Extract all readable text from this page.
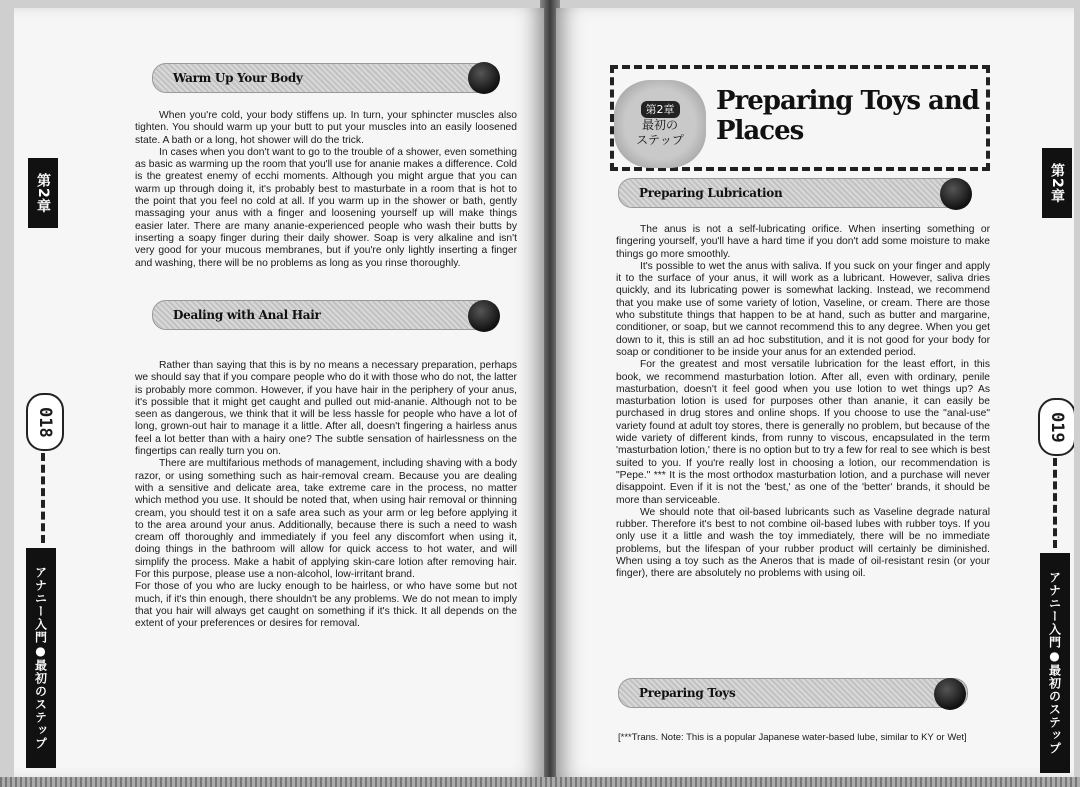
第2章
018
アナニー入門●最初のステップ
Warm Up Your Body

When you're cold, your body stiffens up. In turn, your sphincter muscles also tighten. You should warm up your butt to put your muscles into an easily loosened state. A bath or a long, hot shower will do the trick.

In cases when you don't want to go to the trouble of a shower, even something as basic as warming up the room that you'll use for ananie makes a difference. Cold is the greatest enemy of ecchi moments. Although you might argue that you can warm up through doing it, it's probably best to masturbate in a room that is hot to the point that you feel no cold at all. If you warm up in the shower or bath, gently massaging your anus with a finger and loosening yourself up will make things easier later. There are many ananie-experienced people who wash their butts by inserting a soapy finger during their daily shower. Soap is very alkaline and isn't very good for your mucous membranes, but if you're only lightly inserting a finger and washing, there will be no problems as long as you rinse thoroughly.

Dealing with Anal Hair

Rather than saying that this is by no means a necessary preparation, perhaps we should say that if you compare people who do it with those who do not, the latter is probably more common. However, if you have hair in the periphery of your anus, it's possible that it might get caught and pulled out mid-ananie. Although not to be seen as dangerous, we think that it will be less hassle for people who have a lot of long, grown-out hair to manage it a little. After all, doesn't fingering a hairless anus feel a lot better than with a hairy one? The subtle sensation of hairlessness on the fingertips can really turn you on.

There are multifarious methods of management, including shaving with a body razor, or using something such as hair-removal cream. Because you are dealing with a sensitive and delicate area, take extreme care in the process, no matter which method you use. It should be noted that, when using hair removal or thinning cream, you should test it on a safe area such as your arm or leg before applying it to the area around your anus. Additionally, because there is such a need to wash cream off thoroughly and immediately if you feel any discomfort when using it, doing things in the bathroom will allow for quick access to hot water, and will simplify the process. Make a habit of applying skin-care lotion after removing hair. For this purpose, please use a non-alcohol, low-irritant brand.

For those of you who are lucky enough to be hairless, or who have some but not much, if it's thin enough, there shouldn't be any problems. We do not mean to imply that you hair will always get caught on something if it's thick. It all depends on the extent of your preferences or desires for removal.

第2章
最初の
ステップ
Preparing Toys and Places
Preparing Lubrication

The anus is not a self-lubricating orifice. When inserting something or fingering yourself, you'll have a hard time if you don't add some moisture to make things go more smoothly.

It's possible to wet the anus with saliva. If you suck on your finger and apply it to the surface of your anus, it will work as a lubricant. However, saliva dries quickly, and its lubricating power is somewhat lacking. Instead, we recommend that you make use of some variety of lotion, Vaseline, or cream. There are those who substitute things that happen to be at hand, such as butter and margarine, conditioner, or soap, but we cannot recommend this to any degree. When you get down to it, this is still an ad hoc substitution, and it is not good for your body for soap or conditioner to be inside your anus for an extended period.

For the greatest and most versatile lubrication for the least effort, in this book, we recommend masturbation lotion. After all, even with ordinary, penile masturbation, doesn't it feel good when you use lotion to wet things up? As masturbation lotion is used for purposes other than ananie, it can easily be purchased in drug stores and online shops. If you choose to use the "anal-use" variety found at adult toy stores, there is generally no problem, but because of the wide variety of different kinds, from runny to viscous, encapsulated in the term 'masturbation lotion,' there is no option but to try a few for real to see which is best suited to you. If you're really lost in choosing a lotion, our recommendation is "Pepe." *** It is the most orthodox masturbation lotion, and a purchase will never disappoint. Even if it is not the 'best,' as one of the 'better' brands, it should be more than serviceable.

We should note that oil-based lubricants such as Vaseline degrade natural rubber. Therefore it's best to not combine oil-based lubes with rubber toys. If you only use it a little and wash the toy immediately, there will be no immediate problems, but the lifespan of your rubber product will certainly be diminished. When using a toy such as the Aneros that is made of oil-resistant resin (or your finger), there are absolutely no problems with using oil.

Preparing Toys
[***Trans. Note: This is a popular Japanese water-based lube, similar to KY or Wet]
第2章
019
アナニー入門●最初のステップ
